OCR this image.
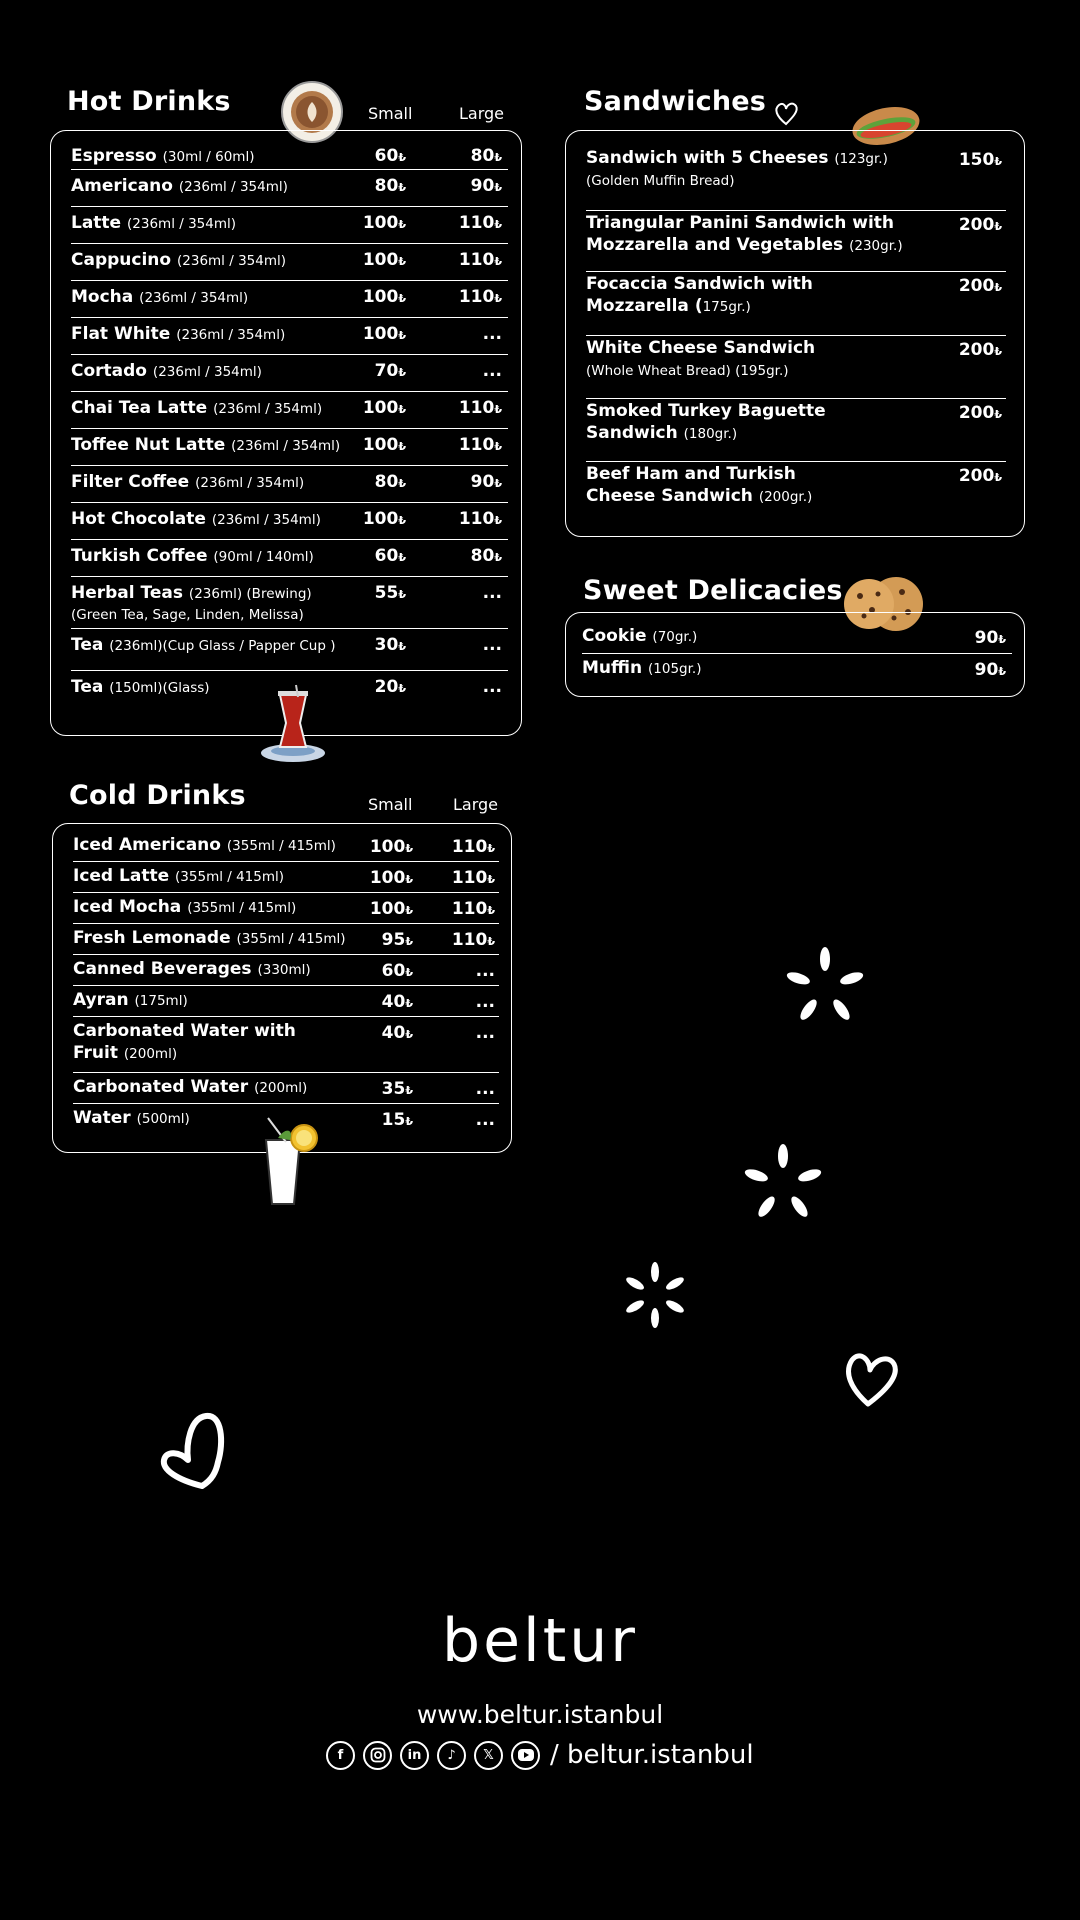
Hot Drinks	Small	Large
Espresso (30ml / 60ml)	60₺	80₺
Americano (236ml / 354ml)	80₺	90₺
Latte (236ml / 354ml)	100₺	110₺
Cappucino (236ml / 354ml)	100₺	110₺
Mocha (236ml / 354ml)	100₺	110₺
Flat White (236ml / 354ml)	100₺	...
Cortado (236ml / 354ml)	70₺	...
Chai Tea Latte (236ml / 354ml) 100₺	110₺
Toffee Nut Latte (236ml / 354ml) 100₺	110₺
Filter Coffee (236ml / 354ml)	80₺	90₺
Hot Chocolate (236ml / 354ml) 100₺	110₺
Turkish Coffee (90ml / 140ml)	60₺	80₺
Herbal Teas (236ml) (Brewing)
(Green Tea, Sage, Linden, Melissa)
55₺	...
Tea (236ml)(Cup Glass / Papper Cup ) 30₺	...
Tea (150ml)(Glass)	20₺	...
Cold Drinks	Small	Large
Iced Americano (355ml / 415ml) 100₺ 110₺
Iced Latte (355ml / 415ml)	100₺ 110₺
Iced Mocha (355ml / 415ml)	100₺ 110₺
Fresh Lemonade (355ml / 415ml) 95₺ 110₺
Canned Beverages (330ml)	60₺	...
Ayran (175ml)	40₺	...
Carbonated Water with
Fruit (200ml)
40₺	...
Carbonated Water (200ml)	35₺	...
Water (500ml)	15₺	...
Sandwiches
Sandwich with 5 Cheeses (123gr.)
(Golden Muffin Bread)
150₺
Triangular Panini Sandwich with
Mozzarella and Vegetables (230gr.)
200₺
Focaccia Sandwich with
Mozzarella (175gr.)
200₺
White Cheese Sandwich
(Whole Wheat Bread) (195gr.)
200₺
Smoked Turkey Baguette
Sandwich (180gr.)
200₺
Beef Ham and Turkish
Cheese Sandwich (200gr.)
200₺
Sweet Delicacies
Cookie (70gr.)	90₺
Muffin (105gr.)	90₺
beltur
www.beltur.istanbul
f	in	♪	𝕏	/ beltur.istanbul
